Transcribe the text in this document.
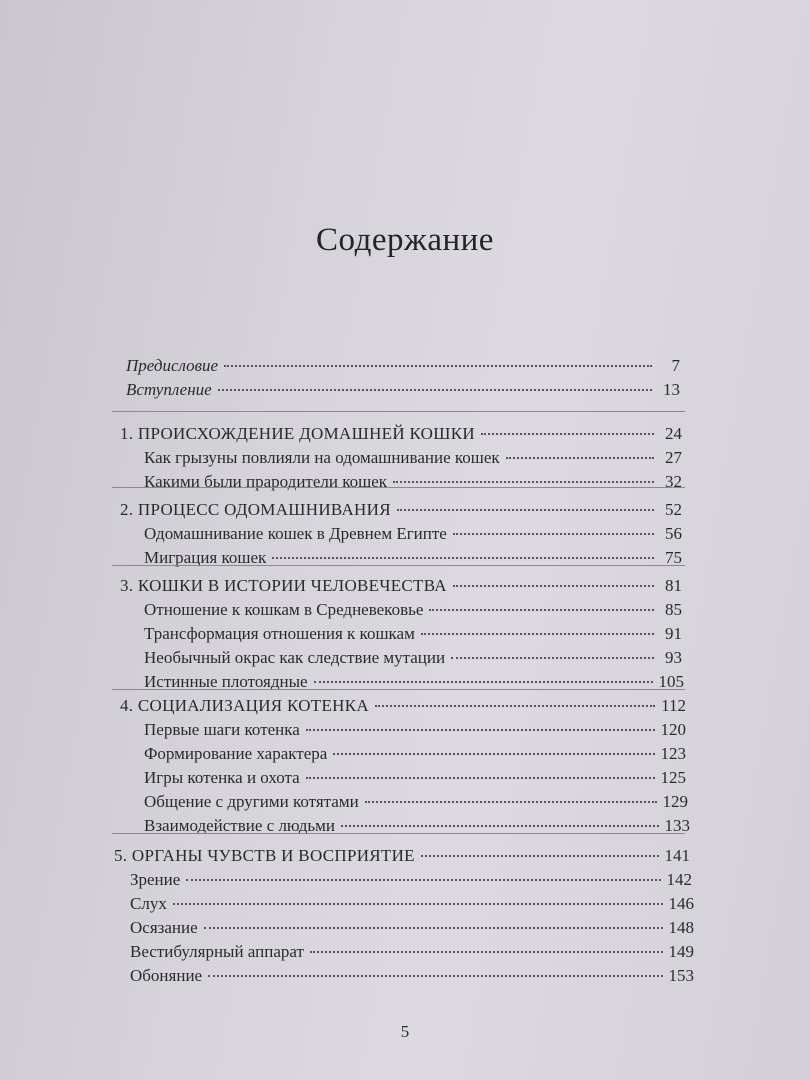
Содержание
Предисловие	7
Вступление	13
1. ПРОИСХОЖДЕНИЕ ДОМАШНЕЙ КОШКИ	24
Как грызуны повлияли на одомашнивание кошек	27
Какими были прародители кошек	32
2. ПРОЦЕСС ОДОМАШНИВАНИЯ	52
Одомашнивание кошек в Древнем Египте	56
Миграция кошек	75
3. КОШКИ В ИСТОРИИ ЧЕЛОВЕЧЕСТВА	81
Отношение к кошкам в Средневековье	85
Трансформация отношения к кошкам	91
Необычный окрас как следствие мутации	93
Истинные плотоядные	105
4. СОЦИАЛИЗАЦИЯ КОТЕНКА	112
Первые шаги котенка	120
Формирование характера	123
Игры котенка и охота	125
Общение с другими котятами	129
Взаимодействие с людьми	133
5. ОРГАНЫ ЧУВСТВ И ВОСПРИЯТИЕ	141
Зрение	142
Слух	146
Осязание	148
Вестибулярный аппарат	149
Обоняние	153
5
